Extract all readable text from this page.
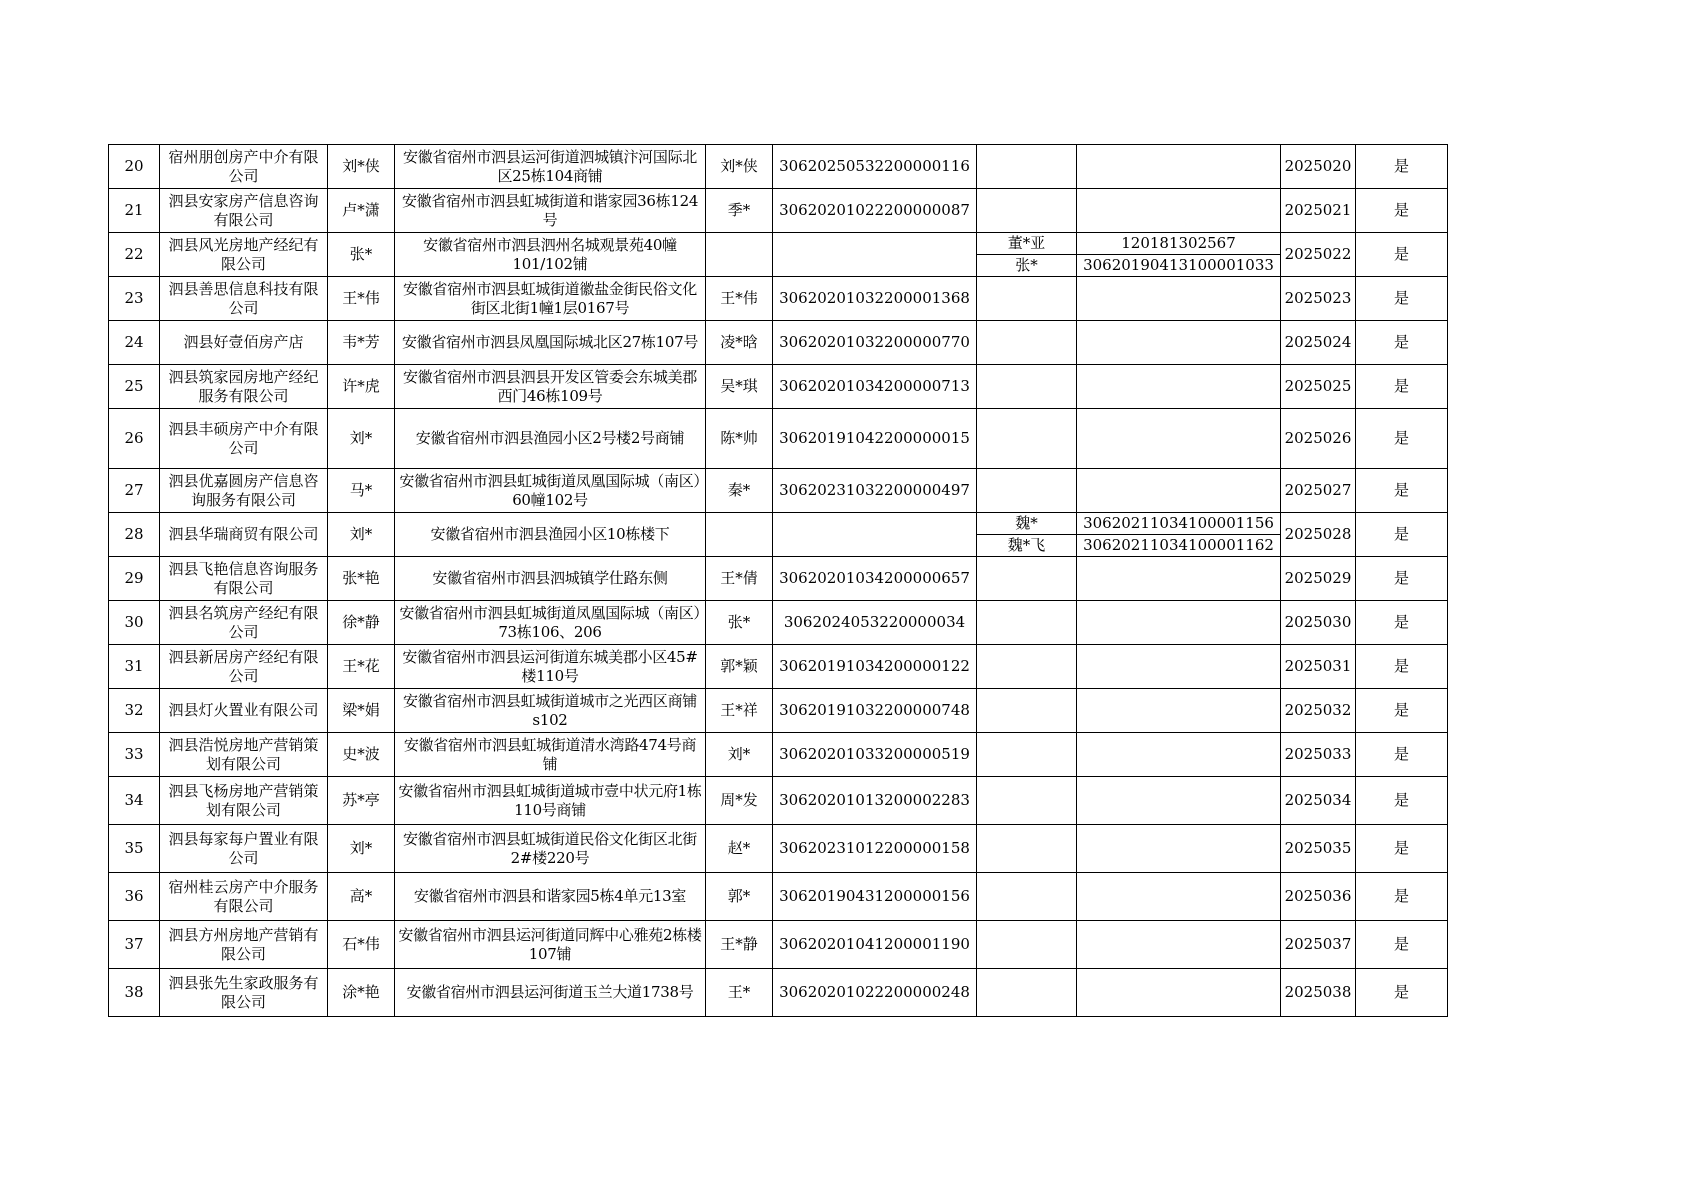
20	宿州朋创房产中介有限公司	刘*侠	安徽省宿州市泗县运河街道泗城镇汴河国际北区25栋104商铺	刘*侠	30620250532200000116			2025020	是
21	泗县安家房产信息咨询有限公司	卢*潇	安徽省宿州市泗县虹城街道和谐家园36栋124号	季*	30620201022200000087			2025021	是
22	泗县风光房地产经纪有限公司	张*	安徽省宿州市泗县泗州名城观景苑40幢101/102铺			董*亚	120181302567	2025022	是
						张*	30620190413100001033		
23	泗县善思信息科技有限公司	王*伟	安徽省宿州市泗县虹城街道徽盐金街民俗文化街区北街1幢1层0167号	王*伟	30620201032200001368			2025023	是
24	泗县好壹佰房产店	韦*芳	安徽省宿州市泗县凤凰国际城北区27栋107号	凌*晗	30620201032200000770			2025024	是
25	泗县筑家园房地产经纪服务有限公司	许*虎	安徽省宿州市泗县泗县开发区管委会东城美郡西门46栋109号	吴*琪	30620201034200000713			2025025	是
26	泗县丰硕房产中介有限公司	刘*	安徽省宿州市泗县渔园小区2号楼2号商铺	陈*帅	30620191042200000015			2025026	是
27	泗县优嘉圆房产信息咨询服务有限公司	马*	安徽省宿州市泗县虹城街道凤凰国际城（南区）60幢102号	秦*	30620231032200000497			2025027	是
28	泗县华瑞商贸有限公司	刘*	安徽省宿州市泗县渔园小区10栋楼下			魏*	30620211034100001156	2025028	是
						魏*飞	30620211034100001162		
29	泗县飞艳信息咨询服务有限公司	张*艳	安徽省宿州市泗县泗城镇学仕路东侧	王*倩	30620201034200000657			2025029	是
30	泗县名筑房产经纪有限公司	徐*静	安徽省宿州市泗县虹城街道凤凰国际城（南区）73栋106、206	张*	3062024053220000034			2025030	是
31	泗县新居房产经纪有限公司	王*花	安徽省宿州市泗县运河街道东城美郡小区45#楼110号	郭*颖	30620191034200000122			2025031	是
32	泗县灯火置业有限公司	梁*娟	安徽省宿州市泗县虹城街道城市之光西区商铺s102	王*祥	30620191032200000748			2025032	是
33	泗县浩悦房地产营销策划有限公司	史*波	安徽省宿州市泗县虹城街道清水湾路474号商铺	刘*	30620201033200000519			2025033	是
34	泗县飞杨房地产营销策划有限公司	苏*亭	安徽省宿州市泗县虹城街道城市壹中状元府1栋110号商铺	周*发	30620201013200002283			2025034	是
35	泗县每家每户置业有限公司	刘*	安徽省宿州市泗县虹城街道民俗文化街区北街2#楼220号	赵*	30620231012200000158			2025035	是
36	宿州桂云房产中介服务有限公司	高*	安徽省宿州市泗县和谐家园5栋4单元13室	郭*	30620190431200000156			2025036	是
37	泗县方州房地产营销有限公司	石*伟	安徽省宿州市泗县运河街道同辉中心雅苑2栋楼107铺	王*静	30620201041200001190			2025037	是
38	泗县张先生家政服务有限公司	涂*艳	安徽省宿州市泗县运河街道玉兰大道1738号	王*	30620201022200000248			2025038	是
